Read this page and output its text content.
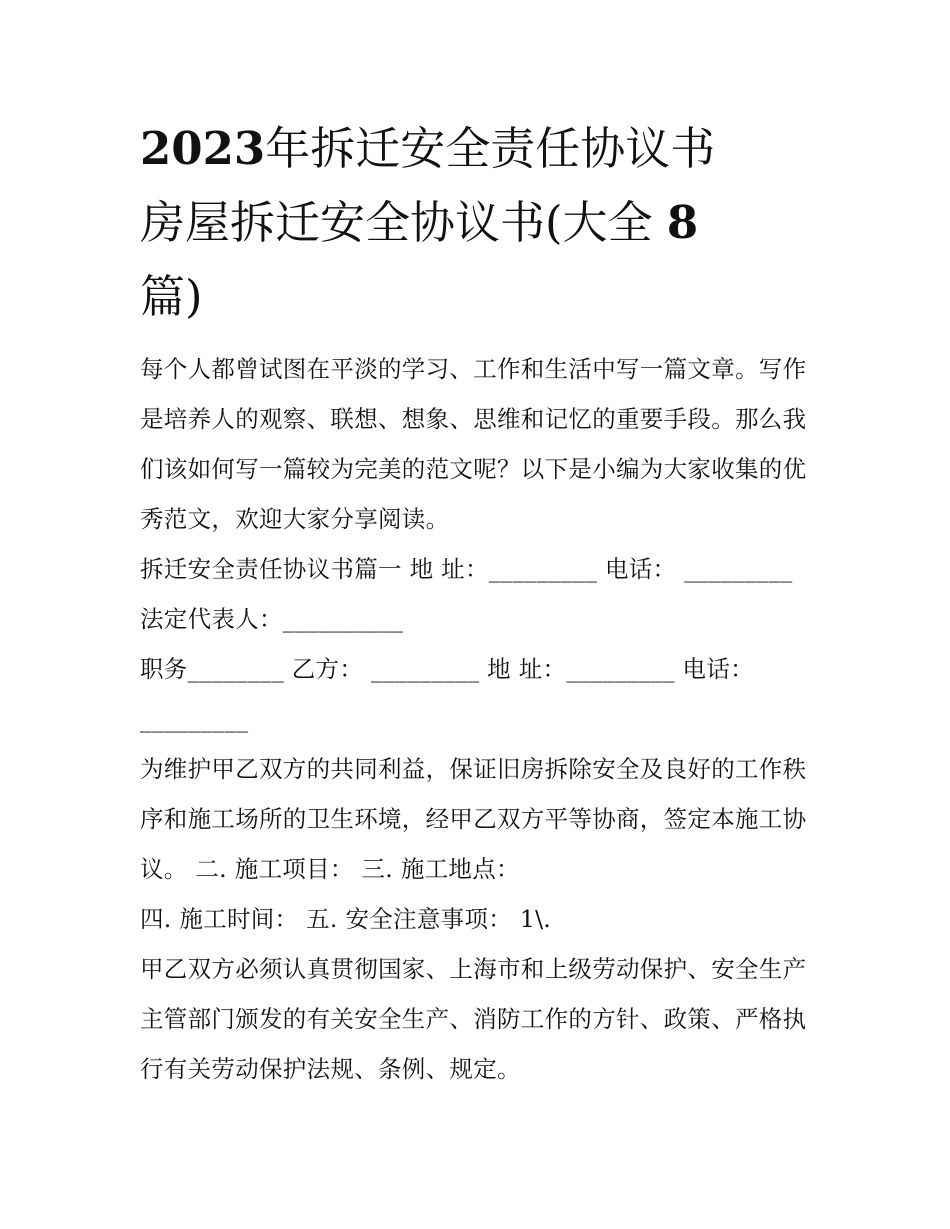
2023年拆迁安全责任协议书
房屋拆迁安全协议书(大全 8
篇)

每个人都曾试图在平淡的学习、工作和生活中写一篇文章。写作是培养人的观察、联想、想象、思维和记忆的重要手段。那么我们该如何写一篇较为完美的范文呢？以下是小编为大家收集的优秀范文，欢迎大家分享阅读。

拆迁安全责任协议书篇一 地 址：_________ 电话： _________ 法定代表人：__________

职务________ 乙方： _________ 地 址：_________ 电话： _________

为维护甲乙双方的共同利益，保证旧房拆除安全及良好的工作秩序和施工场所的卫生环境，经甲乙双方平等协商，签定本施工协议。 二. 施工项目： 三. 施工地点：

四. 施工时间： 五. 安全注意事项： 1\.

甲乙双方必须认真贯彻国家、上海市和上级劳动保护、安全生产主管部门颁发的有关安全生产、消防工作的方针、政策、严格执行有关劳动保护法规、条例、规定。
